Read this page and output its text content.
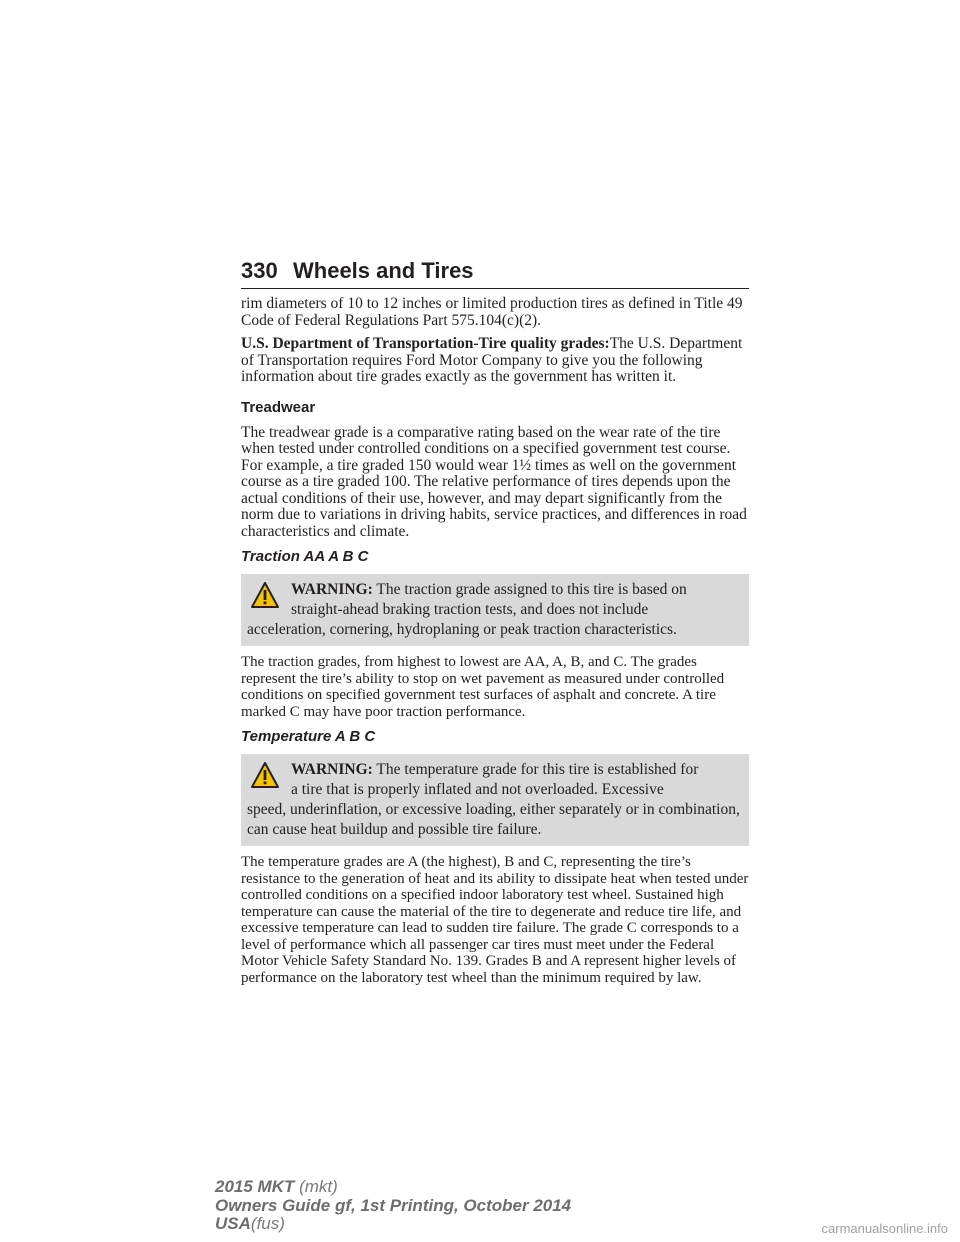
330 Wheels and Tires

rim diameters of 10 to 12 inches or limited production tires as defined in Title 49 Code of Federal Regulations Part 575.104(c)(2).

U.S. Department of Transportation-Tire quality grades:The U.S. Department of Transportation requires Ford Motor Company to give you the following information about tire grades exactly as the government has written it.

Treadwear

The treadwear grade is a comparative rating based on the wear rate of the tire when tested under controlled conditions on a specified government test course. For example, a tire graded 150 would wear 1½ times as well on the government course as a tire graded 100. The relative performance of tires depends upon the actual conditions of their use, however, and may depart significantly from the norm due to variations in driving habits, service practices, and differences in road characteristics and climate.

Traction AA A B C

WARNING: The traction grade assigned to this tire is based on

straight-ahead braking traction tests, and does not include

acceleration, cornering, hydroplaning or peak traction characteristics.

The traction grades, from highest to lowest are AA, A, B, and C. The grades represent the tire’s ability to stop on wet pavement as measured under controlled conditions on specified government test surfaces of asphalt and concrete. A tire marked C may have poor traction performance.

Temperature A B C

WARNING: The temperature grade for this tire is established for

a tire that is properly inflated and not overloaded. Excessive

speed, underinflation, or excessive loading, either separately or in combination, can cause heat buildup and possible tire failure.

The temperature grades are A (the highest), B and C, representing the tire’s resistance to the generation of heat and its ability to dissipate heat when tested under controlled conditions on a specified indoor laboratory test wheel. Sustained high temperature can cause the material of the tire to degenerate and reduce tire life, and excessive temperature can lead to sudden tire failure. The grade C corresponds to a level of performance which all passenger car tires must meet under the Federal Motor Vehicle Safety Standard No. 139. Grades B and A represent higher levels of performance on the laboratory test wheel than the minimum required by law.

2015 MKT (mkt)
Owners Guide gf, 1st Printing, October 2014
USA(fus)	carmanualsonline.info
